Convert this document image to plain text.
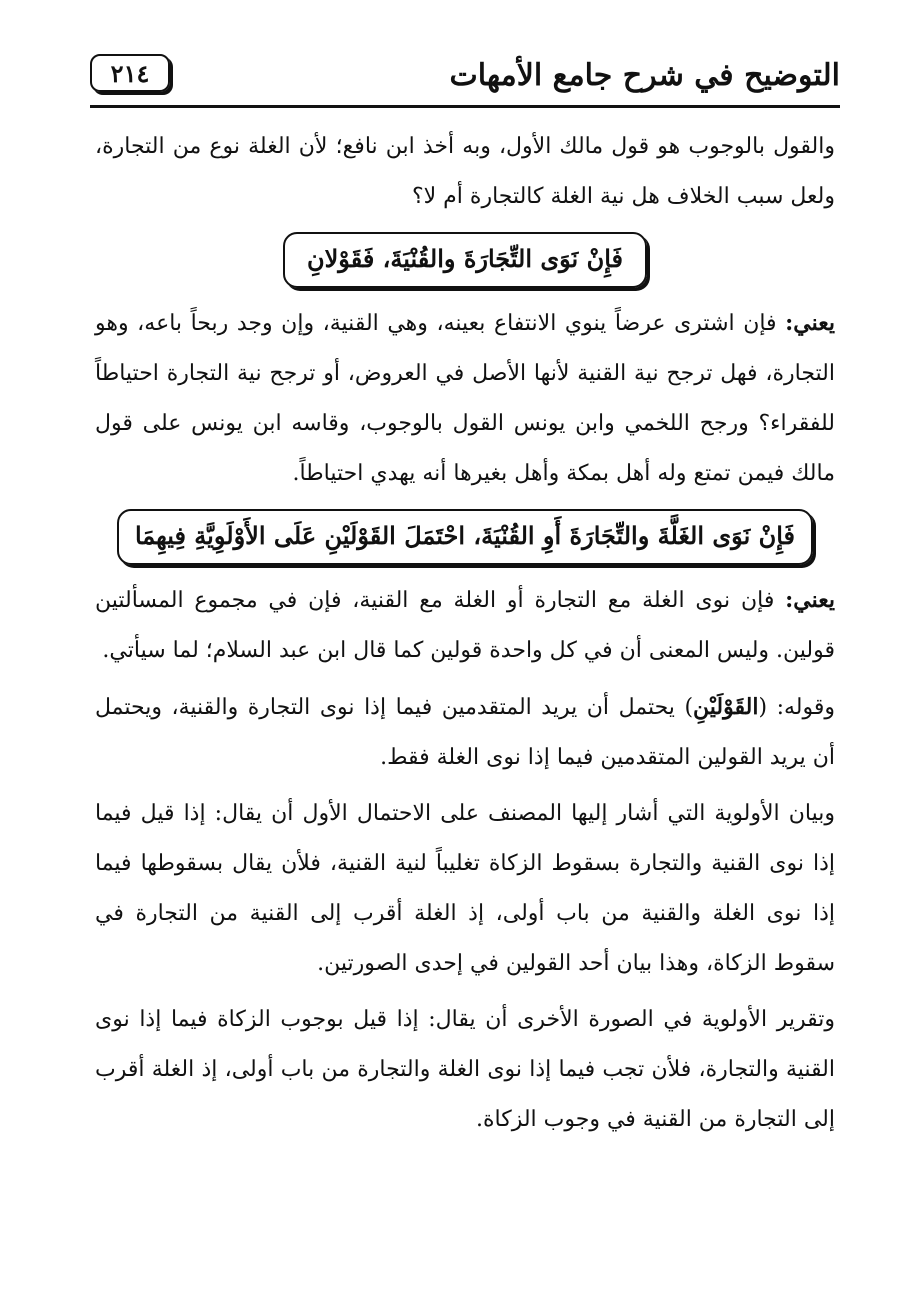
التوضيح في شرح جامع الأمهات
٢١٤

والقول بالوجوب هو قول مالك الأول، وبه أخذ ابن نافع؛ لأن الغلة نوع من التجارة، ولعل سبب الخلاف هل نية الغلة كالتجارة أم لا؟

فَإِنْ نَوَى التِّجَارَةَ والقُنْيَةَ، فَقَوْلانِ

يعني: فإن اشترى عرضاً ينوي الانتفاع بعينه، وهي القنية، وإن وجد ربحاً باعه، وهو التجارة، فهل ترجح نية القنية لأنها الأصل في العروض، أو ترجح نية التجارة احتياطاً للفقراء؟ ورجح اللخمي وابن يونس القول بالوجوب، وقاسه ابن يونس على قول مالك فيمن تمتع وله أهل بمكة وأهل بغيرها أنه يهدي احتياطاً.

فَإِنْ نَوَى الغَلَّةَ والتِّجَارَةَ أَوِ القُنْيَةَ، احْتَمَلَ القَوْلَيْنِ عَلَى الأَوْلَوِيَّةِ فِيهِمَا

يعني: فإن نوى الغلة مع التجارة أو الغلة مع القنية، فإن في مجموع المسألتين قولين. وليس المعنى أن في كل واحدة قولين كما قال ابن عبد السلام؛ لما سيأتي.

وقوله: (القَوْلَيْنِ) يحتمل أن يريد المتقدمين فيما إذا نوى التجارة والقنية، ويحتمل أن يريد القولين المتقدمين فيما إذا نوى الغلة فقط.

وبيان الأولوية التي أشار إليها المصنف على الاحتمال الأول أن يقال: إذا قيل فيما إذا نوى القنية والتجارة بسقوط الزكاة تغليباً لنية القنية، فلأن يقال بسقوطها فيما إذا نوى الغلة والقنية من باب أولى، إذ الغلة أقرب إلى القنية من التجارة في سقوط الزكاة، وهذا بيان أحد القولين في إحدى الصورتين.

وتقرير الأولوية في الصورة الأخرى أن يقال: إذا قيل بوجوب الزكاة فيما إذا نوى القنية والتجارة، فلأن تجب فيما إذا نوى الغلة والتجارة من باب أولى، إذ الغلة أقرب إلى التجارة من القنية في وجوب الزكاة.
